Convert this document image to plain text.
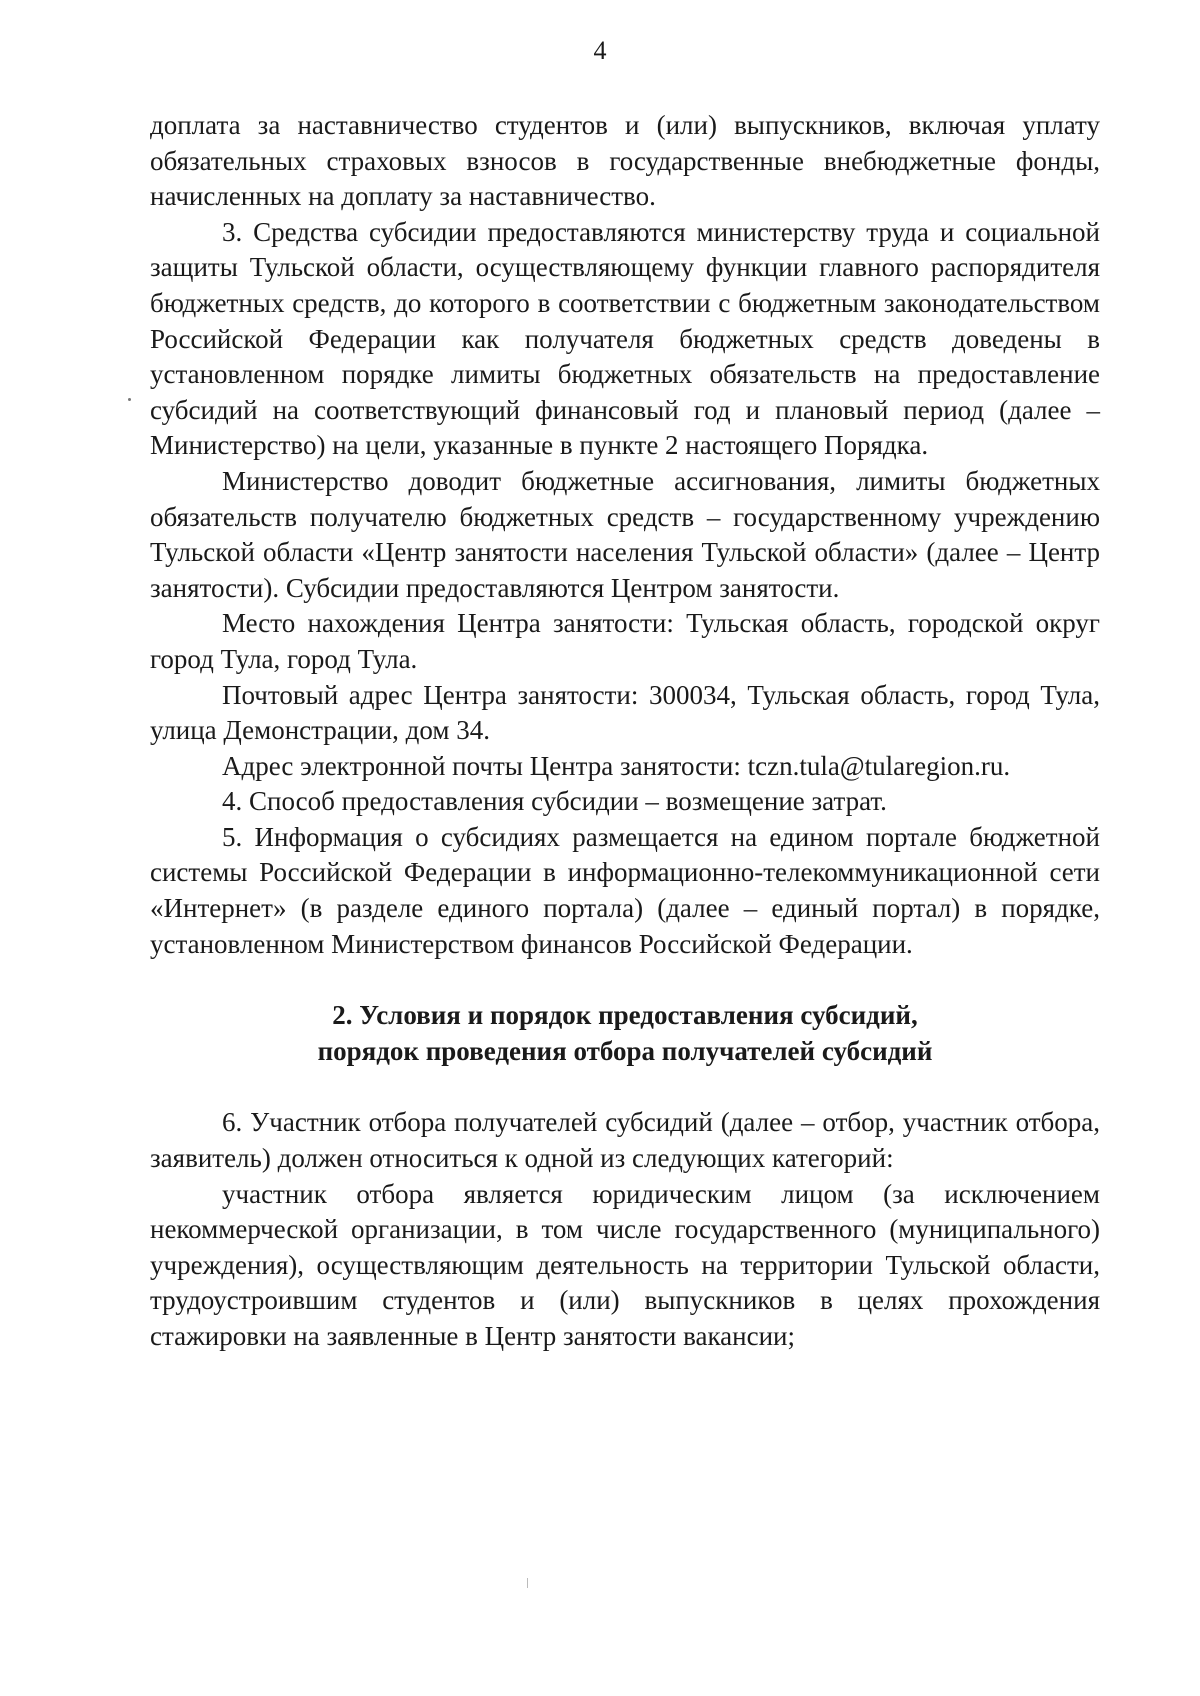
4

доплата за наставничество студентов и (или) выпускников, включая уплату обязательных страховых взносов в государственные внебюджетные фонды, начисленных на доплату за наставничество.

3. Средства субсидии предоставляются министерству труда и социальной защиты Тульской области, осуществляющему функции главного распорядителя бюджетных средств, до которого в соответствии с бюджетным законодательством Российской Федерации как получателя бюджетных средств доведены в установленном порядке лимиты бюджетных обязательств на предоставление субсидий на соответствующий финансовый год и плановый период (далее – Министерство) на цели, указанные в пункте 2 настоящего Порядка.

Министерство доводит бюджетные ассигнования, лимиты бюджетных обязательств получателю бюджетных средств – государственному учреждению Тульской области «Центр занятости населения Тульской области» (далее – Центр занятости). Субсидии предоставляются Центром занятости.

Место нахождения Центра занятости: Тульская область, городской округ город Тула, город Тула.

Почтовый адрес Центра занятости: 300034, Тульская область, город Тула, улица Демонстрации, дом 34.

Адрес электронной почты Центра занятости: tczn.tula@tularegion.ru.

4. Способ предоставления субсидии – возмещение затрат.

5. Информация о субсидиях размещается на едином портале бюджетной системы Российской Федерации в информационно-телекоммуникационной сети «Интернет» (в разделе единого портала) (далее – единый портал) в порядке, установленном Министерством финансов Российской Федерации.

2. Условия и порядок предоставления субсидий,
порядок проведения отбора получателей субсидий

6. Участник отбора получателей субсидий (далее – отбор, участник отбора, заявитель) должен относиться к одной из следующих категорий:

участник отбора является юридическим лицом (за исключением некоммерческой организации, в том числе государственного (муниципального) учреждения), осуществляющим деятельность на территории Тульской области, трудоустроившим студентов и (или) выпускников в целях прохождения стажировки на заявленные в Центр занятости вакансии;
